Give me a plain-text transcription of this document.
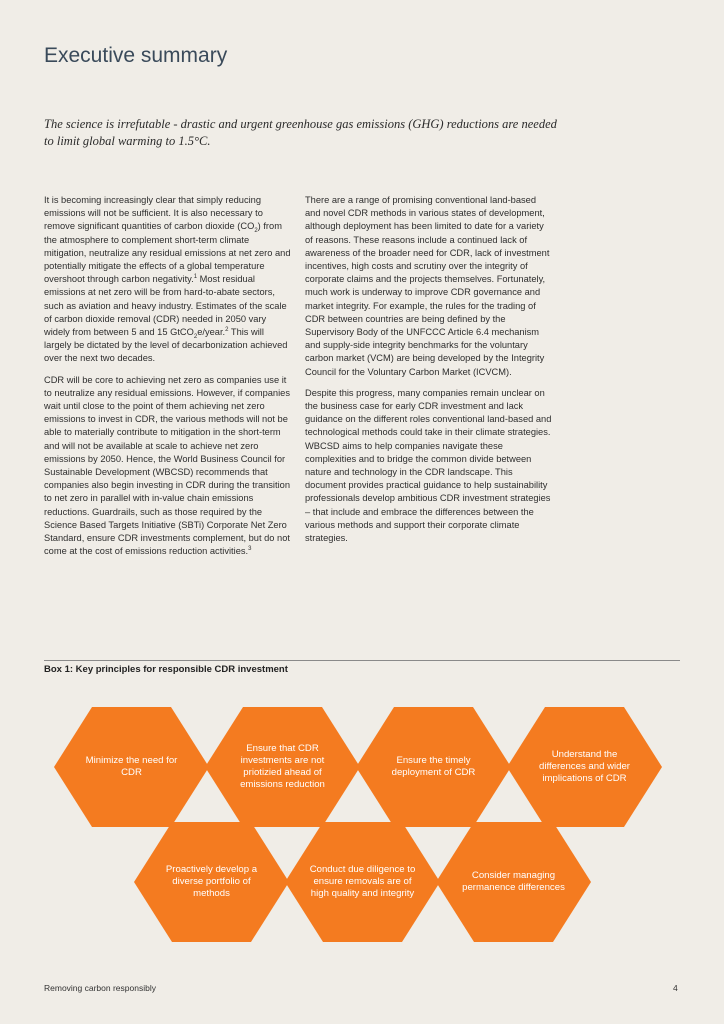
Executive summary

The science is irrefutable - drastic and urgent greenhouse gas emissions (GHG) reductions are needed to limit global warming to 1.5°C.

It is becoming increasingly clear that simply reducing emissions will not be sufficient. It is also necessary to remove significant quantities of carbon dioxide $(CO_2)$ from the atmosphere to complement short-term climate mitigation, neutralize any residual emissions at net zero and potentially mitigate the effects of a global temperature overshoot through carbon negativity.$^1$ Most residual emissions at net zero will be from hard-to-abate sectors, such as aviation and heavy industry. Estimates of the scale of carbon dioxide removal (CDR) needed in 2050 vary widely from between 5 and 15 GtCO$_2$e/year.$^2$ This will largely be dictated by the level of decarbonization achieved over the next two decades.

CDR will be core to achieving net zero as companies use it to neutralize any residual emissions. However, if companies wait until close to the point of them achieving net zero emissions to invest in CDR, the various methods will not be able to materially contribute to mitigation in the short-term and will not be available at scale to achieve net zero emissions by 2050. Hence, the World Business Council for Sustainable Development (WBCSD) recommends that companies also begin investing in CDR during the transition to net zero in parallel with in-value chain emissions reductions. Guardrails, such as those required by the Science Based Targets Initiative (SBTi) Corporate Net Zero Standard, ensure CDR investments complement, but do not come at the cost of emissions reduction activities.$^3$

There are a range of promising conventional land-based and novel CDR methods in various states of development, although deployment has been limited to date for a variety of reasons. These reasons include a continued lack of awareness of the broader need for CDR, lack of investment incentives, high costs and scrutiny over the integrity of corporate claims and the projects themselves. Fortunately, much work is underway to improve CDR governance and market integrity. For example, the rules for the trading of CDR between countries are being defined by the Supervisory Body of the UNFCCC Article 6.4 mechanism and supply-side integrity benchmarks for the voluntary carbon market (VCM) are being developed by the Integrity Council for the Voluntary Carbon Market (ICVCM).

Despite this progress, many companies remain unclear on the business case for early CDR investment and lack guidance on the different roles conventional land-based and technological methods could take in their climate strategies. WBCSD aims to help companies navigate these complexities and to bridge the common divide between nature and technology in the CDR landscape. This document provides practical guidance to help sustainability professionals develop ambitious CDR investment strategies – that include and embrace the differences between the various methods and support their corporate climate strategies.

Box 1: Key principles for responsible CDR investment
Minimize the need for CDR
Ensure that CDR investments are not priotizied ahead of emissions reduction
Ensure the timely deployment of CDR
Understand the differences and wider implications of CDR
Proactively develop a diverse portfolio of methods
Conduct due diligence to ensure removals are of high quality and integrity
Consider managing permanence differences
Removing carbon responsibly	4
